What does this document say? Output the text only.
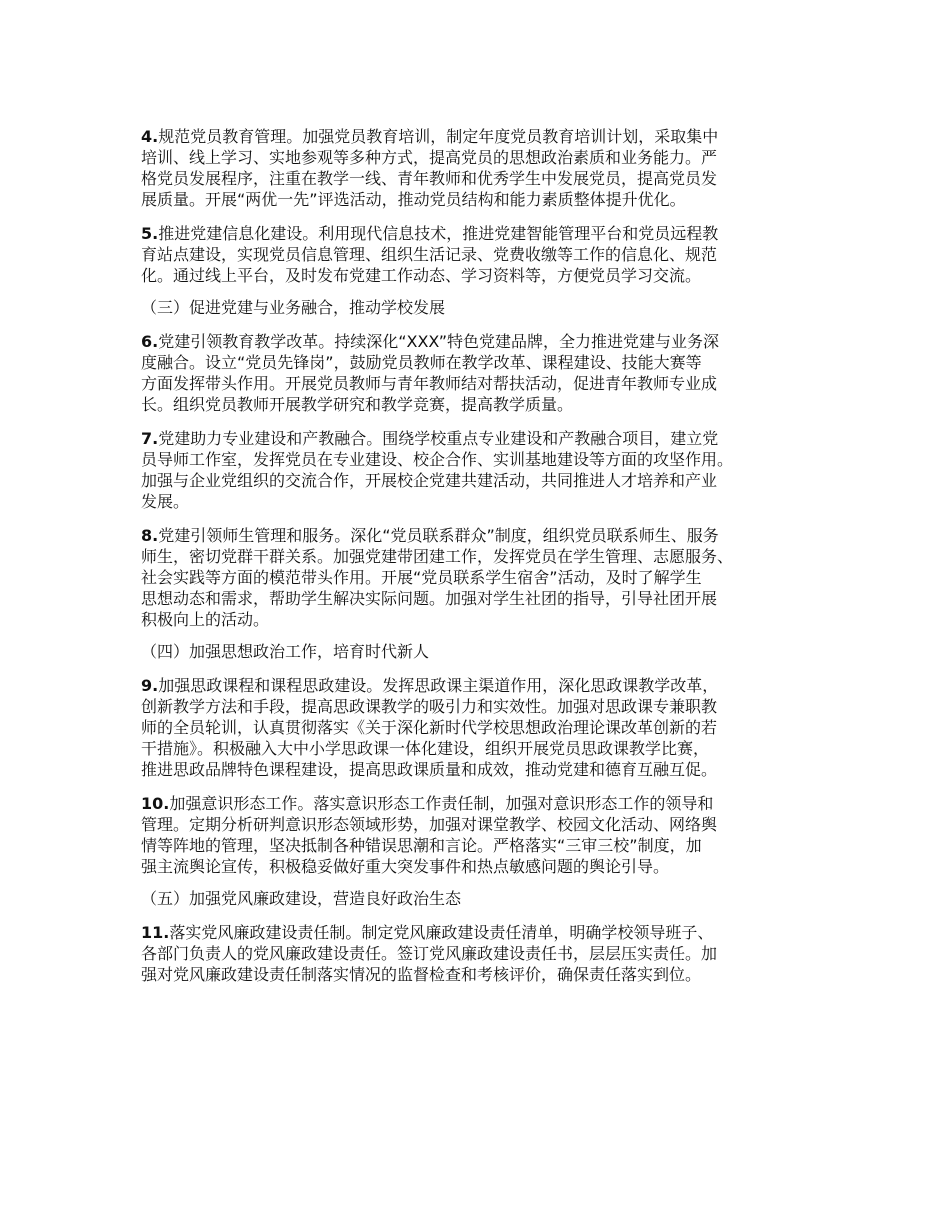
4.规范党员教育管理。加强党员教育培训，制定年度党员教育培训计划，采取集中
培训、线上学习、实地参观等多种方式，提高党员的思想政治素质和业务能力。严
格党员发展程序，注重在教学一线、青年教师和优秀学生中发展党员，提高党员发
展质量。开展“两优一先”评选活动，推动党员结构和能力素质整体提升优化。
5.推进党建信息化建设。利用现代信息技术，推进党建智能管理平台和党员远程教
育站点建设，实现党员信息管理、组织生活记录、党费收缴等工作的信息化、规范
化。通过线上平台，及时发布党建工作动态、学习资料等，方便党员学习交流。
（三）促进党建与业务融合，推动学校发展
6.党建引领教育教学改革。持续深化“XXX”特色党建品牌，全力推进党建与业务深
度融合。设立“党员先锋岗”，鼓励党员教师在教学改革、课程建设、技能大赛等
方面发挥带头作用。开展党员教师与青年教师结对帮扶活动，促进青年教师专业成
长。组织党员教师开展教学研究和教学竞赛，提高教学质量。
7.党建助力专业建设和产教融合。围绕学校重点专业建设和产教融合项目，建立党
员导师工作室，发挥党员在专业建设、校企合作、实训基地建设等方面的攻坚作用。
加强与企业党组织的交流合作，开展校企党建共建活动，共同推进人才培养和产业
发展。
8.党建引领师生管理和服务。深化“党员联系群众”制度，组织党员联系师生、服务
师生，密切党群干群关系。加强党建带团建工作，发挥党员在学生管理、志愿服务、
社会实践等方面的模范带头作用。开展“党员联系学生宿舍”活动，及时了解学生
思想动态和需求，帮助学生解决实际问题。加强对学生社团的指导，引导社团开展
积极向上的活动。
（四）加强思想政治工作，培育时代新人
9.加强思政课程和课程思政建设。发挥思政课主渠道作用，深化思政课教学改革，
创新教学方法和手段，提高思政课教学的吸引力和实效性。加强对思政课专兼职教
师的全员轮训，认真贯彻落实《关于深化新时代学校思想政治理论课改革创新的若
干措施》。积极融入大中小学思政课一体化建设，组织开展党员思政课教学比赛，
推进思政品牌特色课程建设，提高思政课质量和成效，推动党建和德育互融互促。
10.加强意识形态工作。落实意识形态工作责任制，加强对意识形态工作的领导和
管理。定期分析研判意识形态领域形势，加强对课堂教学、校园文化活动、网络舆
情等阵地的管理，坚决抵制各种错误思潮和言论。严格落实“三审三校”制度，加
强主流舆论宣传，积极稳妥做好重大突发事件和热点敏感问题的舆论引导。
（五）加强党风廉政建设，营造良好政治生态
11.落实党风廉政建设责任制。制定党风廉政建设责任清单，明确学校领导班子、
各部门负责人的党风廉政建设责任。签订党风廉政建设责任书，层层压实责任。加
强对党风廉政建设责任制落实情况的监督检查和考核评价，确保责任落实到位。
